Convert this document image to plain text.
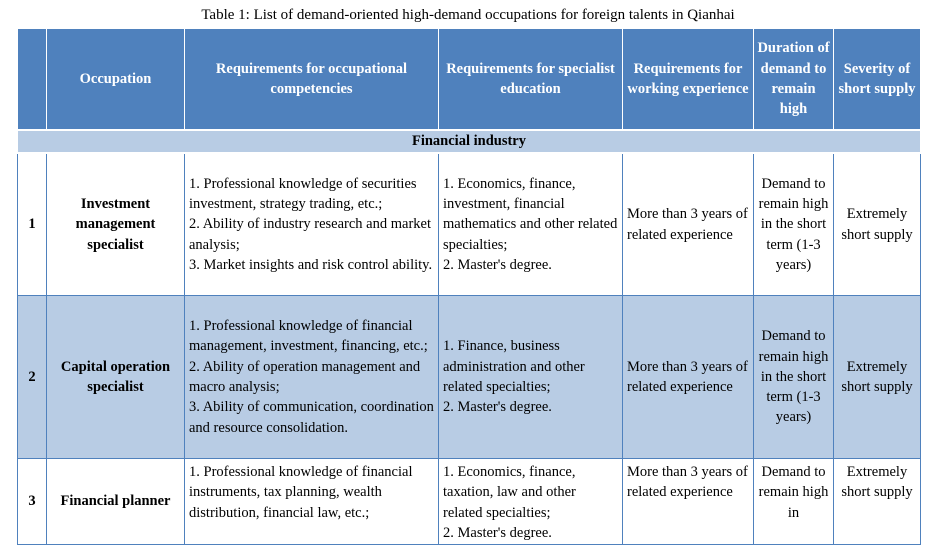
Table 1: List of demand-oriented high-demand occupations for foreign talents in Qianhai
	Occupation	Requirements for occupational competencies	Requirements for specialist education	Requirements for working experience	Duration of demand to remain high	Severity of short supply
Financial industry						
1	Investment management specialist	1. Professional knowledge of securities investment, strategy trading, etc.;
2. Ability of industry research and market analysis;
3. Market insights and risk control ability.	1. Economics, finance, investment, financial mathematics and other related specialties;
2. Master's degree.	More than 3 years of related experience	Demand to remain high in the short term (1-3 years)	Extremely short supply
2	Capital operation specialist	1. Professional knowledge of financial management, investment, financing, etc.;
2. Ability of operation management and macro analysis;
3. Ability of communication, coordination and resource consolidation.	1. Finance, business administration and other related specialties;
2. Master's degree.	More than 3 years of related experience	Demand to remain high in the short term (1-3 years)	Extremely short supply
3	Financial planner	1. Professional knowledge of financial instruments, tax planning, wealth distribution, financial law, etc.;	1. Economics, finance, taxation, law and other related specialties;
2. Master's degree.	More than 3 years of related experience	Demand to remain high in	Extremely short supply
